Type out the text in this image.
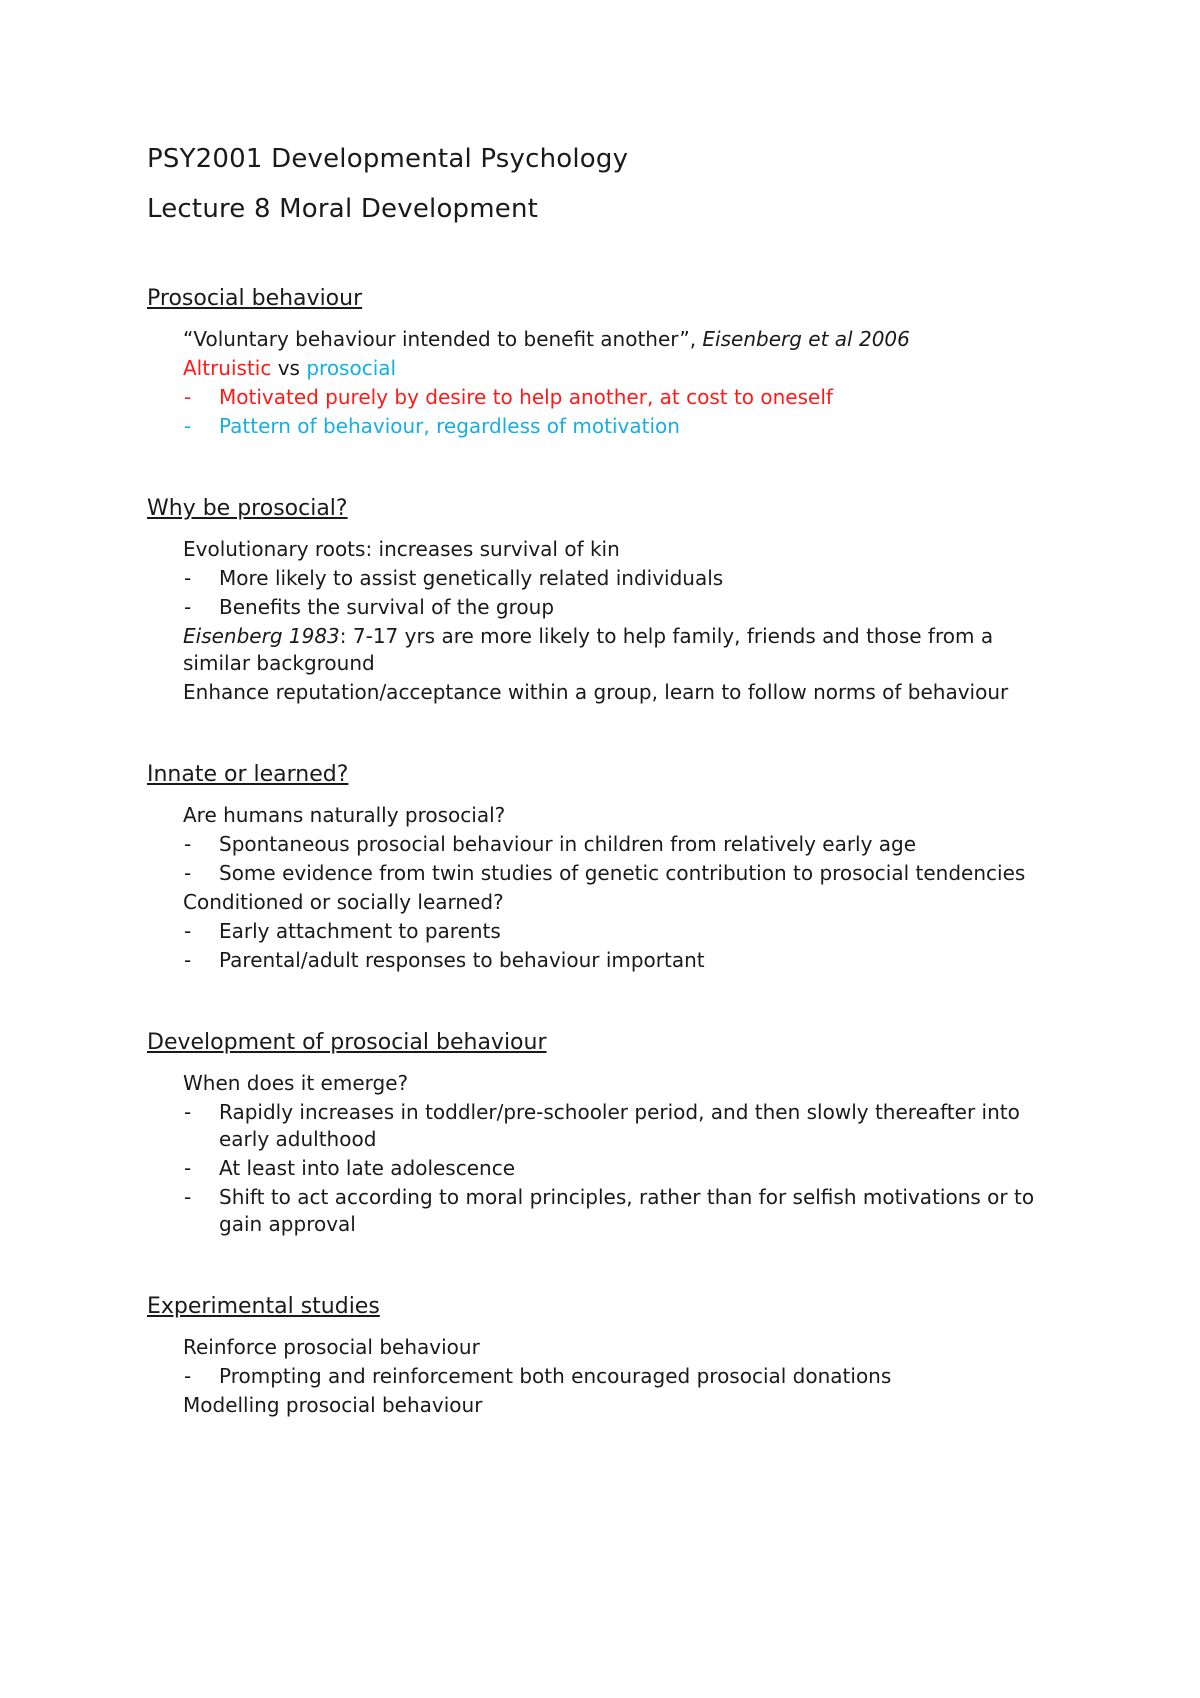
PSY2001 Developmental Psychology
Lecture 8 Moral Development
Prosocial behaviour
“Voluntary behaviour intended to benefit another”, Eisenberg et al 2006
Altruistic vs prosocial
- Motivated purely by desire to help another, at cost to oneself
- Pattern of behaviour, regardless of motivation
Why be prosocial?
Evolutionary roots: increases survival of kin
- More likely to assist genetically related individuals
- Benefits the survival of the group
Eisenberg 1983: 7-17 yrs are more likely to help family, friends and those from a similar background
Enhance reputation/acceptance within a group, learn to follow norms of behaviour
Innate or learned?
Are humans naturally prosocial?
- Spontaneous prosocial behaviour in children from relatively early age
- Some evidence from twin studies of genetic contribution to prosocial tendencies
Conditioned or socially learned?
- Early attachment to parents
- Parental/adult responses to behaviour important
Development of prosocial behaviour
When does it emerge?
- Rapidly increases in toddler/pre-schooler period, and then slowly thereafter into early adulthood
- At least into late adolescence
- Shift to act according to moral principles, rather than for selfish motivations or to gain approval
Experimental studies
Reinforce prosocial behaviour
- Prompting and reinforcement both encouraged prosocial donations
Modelling prosocial behaviour
